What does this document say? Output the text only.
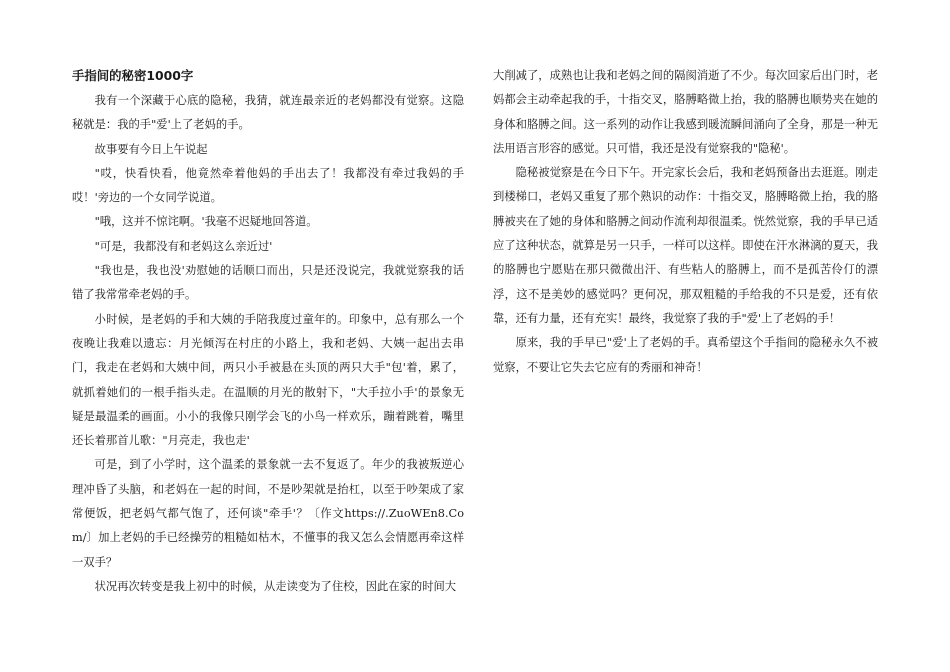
手指间的秘密1000字

我有一个深藏于心底的隐秘，我猜，就连最亲近的老妈都没有觉察。这隐秘就是：我的手"爱'上了老妈的手。

故事要有今日上午说起

"哎，快看快看，他竟然牵着他妈的手出去了！我都没有牵过我妈的手哎！'旁边的一个女同学说道。

"哦，这并不惊诧啊。'我毫不迟疑地回答道。

"可是，我都没有和老妈这么亲近过'

"我也是，我也没'劝慰她的话顺口而出，只是还没说完，我就觉察我的话错了我常常牵老妈的手。

小时候，是老妈的手和大姨的手陪我度过童年的。印象中，总有那么一个夜晚让我难以遗忘：月光倾泻在村庄的小路上，我和老妈、大姨一起出去串门，我走在老妈和大姨中间，两只小手被悬在头顶的两只大手"包'着，累了，就抓着她们的一根手指头走。在温顺的月光的散射下，"大手拉小手'的景象无疑是最温柔的画面。小小的我像只刚学会飞的小鸟一样欢乐，蹦着跳着，嘴里还长着那首儿歌："月亮走，我也走'

可是，到了小学时，这个温柔的景象就一去不复返了。年少的我被叛逆心理冲昏了头脑，和老妈在一起的时间，不是吵架就是抬杠，以至于吵架成了家常便饭，把老妈气都气饱了，还何谈"牵手'？〔作文https://.ZuoWEn8.Com/〕加上老妈的手已经操劳的粗糙如枯木，不懂事的我又怎么会情愿再牵这样一双手？

状况再次转变是我上初中的时候，从走读变为了住校，因此在家的时间大

大削减了，成熟也让我和老妈之间的隔阂消逝了不少。每次回家后出门时，老妈都会主动牵起我的手，十指交叉，胳膊略微上抬，我的胳膊也顺势夹在她的身体和胳膊之间。这一系列的动作让我感到暖流瞬间涌向了全身，那是一种无法用语言形容的感觉。只可惜，我还是没有觉察我的"隐秘'。

隐秘被觉察是在今日下午。开完家长会后，我和老妈预备出去逛逛。刚走到楼梯口，老妈又重复了那个熟识的动作：十指交叉，胳膊略微上抬，我的胳膊被夹在了她的身体和胳膊之间动作流利却很温柔。恍然觉察，我的手早已适应了这种状态，就算是另一只手，一样可以这样。即使在汗水淋漓的夏天，我的胳膊也宁愿贴在那只微微出汗、有些粘人的胳膊上，而不是孤苦伶仃的漂浮，这不是美妙的感觉吗？更何况，那双粗糙的手给我的不只是爱，还有依靠，还有力量，还有充实！最终，我觉察了我的手"爱'上了老妈的手！

原来，我的手早已"爱'上了老妈的手。真希望这个手指间的隐秘永久不被觉察，不要让它失去它应有的秀丽和神奇！
